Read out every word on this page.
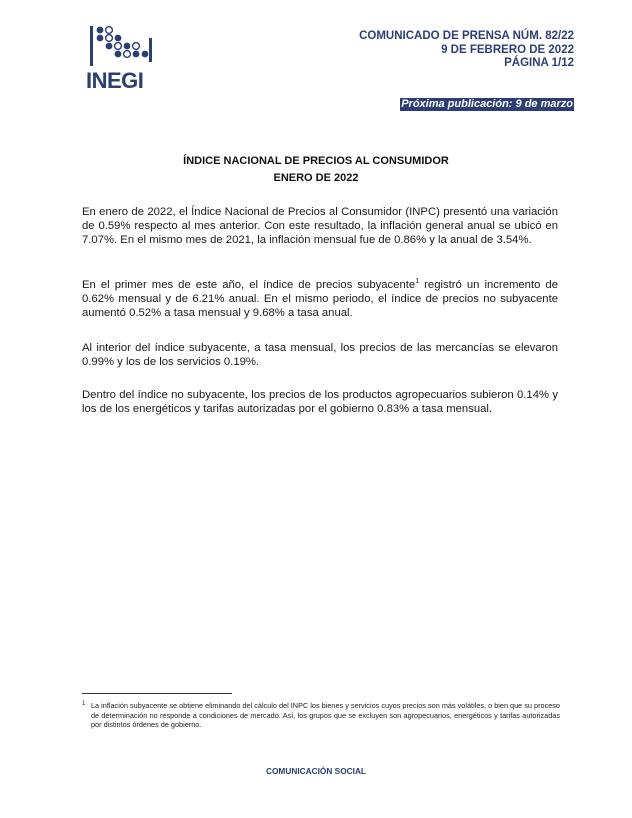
INEGI
COMUNICADO DE PRENSA NÚM. 82/22
9 DE FEBRERO DE 2022
PÁGINA 1/12
Próxima publicación: 9 de marzo
ÍNDICE NACIONAL DE PRECIOS AL CONSUMIDOR
ENERO DE 2022

En enero de 2022, el Índice Nacional de Precios al Consumidor (INPC) presentó una variación de 0.59% respecto al mes anterior. Con este resultado, la inflación general anual se ubicó en 7.07%. En el mismo mes de 2021, la inflación mensual fue de 0.86% y la anual de 3.54%.

En el primer mes de este año, el índice de precios subyacente$^1$ registró un incremento de 0.62% mensual y de 6.21% anual. En el mismo periodo, el índice de precios no subyacente aumentó 0.52% a tasa mensual y 9.68% a tasa anual.

Al interior del índice subyacente, a tasa mensual, los precios de las mercancías se elevaron 0.99% y los de los servicios 0.19%.

Dentro del índice no subyacente, los precios de los productos agropecuarios subieron 0.14% y los de los energéticos y tarifas autorizadas por el gobierno 0.83% a tasa mensual.

1 La inflación subyacente se obtiene eliminando del cálculo del INPC los bienes y servicios cuyos precios son más volátiles, o bien que su proceso de determinación no responde a condiciones de mercado. Así, los grupos que se excluyen son agropecuarios, energéticos y tarifas autorizadas por distintos órdenes de gobierno.
COMUNICACIÓN SOCIAL
